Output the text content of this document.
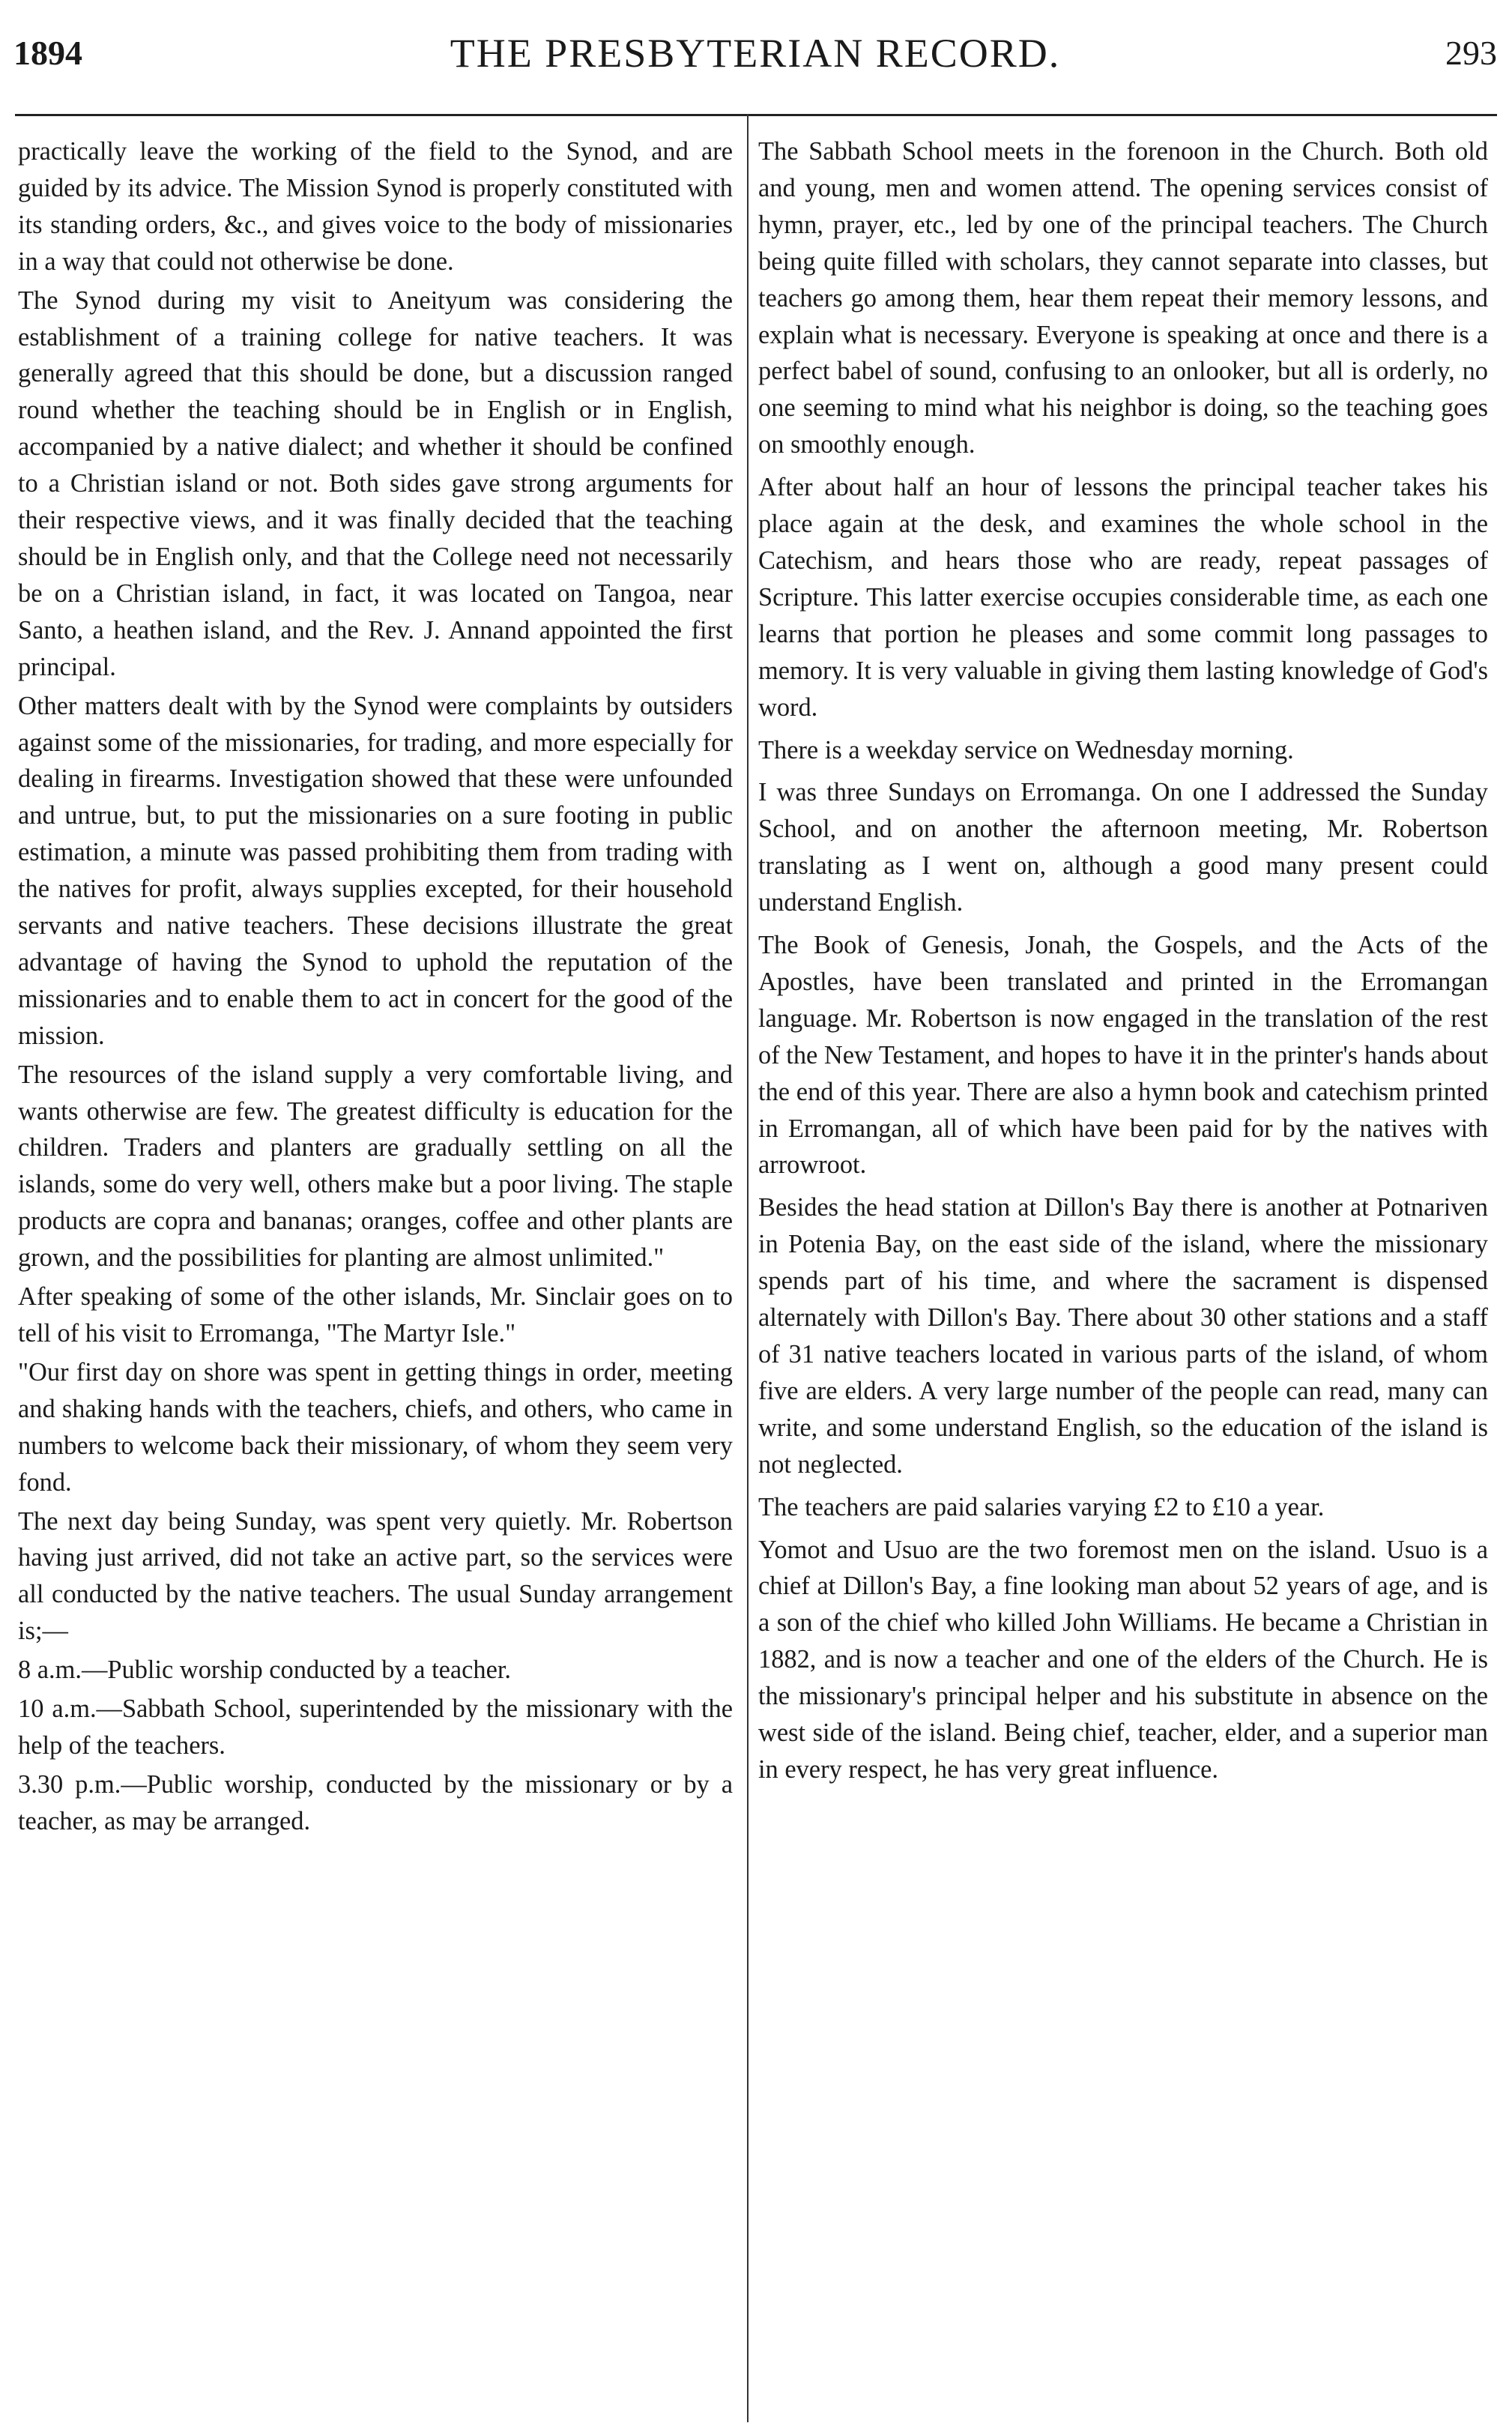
1894	THE PRESBYTERIAN RECORD.	293

practically leave the working of the field to the Synod, and are guided by its advice. The Mission Synod is properly constituted with its standing orders, &c., and gives voice to the body of missionaries in a way that could not otherwise be done.

The Synod during my visit to Aneityum was considering the establishment of a training college for native teachers. It was generally agreed that this should be done, but a discussion ranged round whether the teaching should be in English or in English, accompanied by a native dialect; and whether it should be confined to a Christian island or not. Both sides gave strong arguments for their respective views, and it was finally decided that the teaching should be in English only, and that the College need not necessarily be on a Christian island, in fact, it was located on Tangoa, near Santo, a heathen island, and the Rev. J. Annand appointed the first principal.

Other matters dealt with by the Synod were complaints by outsiders against some of the missionaries, for trading, and more especially for dealing in firearms. Investigation showed that these were unfounded and untrue, but, to put the missionaries on a sure footing in public estimation, a minute was passed prohibiting them from trading with the natives for profit, always supplies excepted, for their household servants and native teachers. These decisions illustrate the great advantage of having the Synod to uphold the reputation of the missionaries and to enable them to act in concert for the good of the mission.

The resources of the island supply a very comfortable living, and wants otherwise are few. The greatest difficulty is education for the children. Traders and planters are gradually settling on all the islands, some do very well, others make but a poor living. The staple products are copra and bananas; oranges, coffee and other plants are grown, and the possibilities for planting are almost unlimited."

After speaking of some of the other islands, Mr. Sinclair goes on to tell of his visit to Erromanga, "The Martyr Isle."

"Our first day on shore was spent in getting things in order, meeting and shaking hands with the teachers, chiefs, and others, who came in numbers to welcome back their missionary, of whom they seem very fond.

The next day being Sunday, was spent very quietly. Mr. Robertson having just arrived, did not take an active part, so the services were all conducted by the native teachers. The usual Sunday arrangement is;—

8 a.m.—Public worship conducted by a teacher.

10 a.m.—Sabbath School, superintended by the missionary with the help of the teachers.

3.30 p.m.—Public worship, conducted by the missionary or by a teacher, as may be arranged.

The Sabbath School meets in the forenoon in the Church. Both old and young, men and women attend. The opening services consist of hymn, prayer, etc., led by one of the principal teachers. The Church being quite filled with scholars, they cannot separate into classes, but teachers go among them, hear them repeat their memory lessons, and explain what is necessary. Everyone is speaking at once and there is a perfect babel of sound, confusing to an onlooker, but all is orderly, no one seeming to mind what his neighbor is doing, so the teaching goes on smoothly enough.

After about half an hour of lessons the principal teacher takes his place again at the desk, and examines the whole school in the Catechism, and hears those who are ready, repeat passages of Scripture. This latter exercise occupies considerable time, as each one learns that portion he pleases and some commit long passages to memory. It is very valuable in giving them lasting knowledge of God's word.

There is a weekday service on Wednesday morning.

I was three Sundays on Erromanga. On one I addressed the Sunday School, and on another the afternoon meeting, Mr. Robertson translating as I went on, although a good many present could understand English.

The Book of Genesis, Jonah, the Gospels, and the Acts of the Apostles, have been translated and printed in the Erromangan language. Mr. Robertson is now engaged in the translation of the rest of the New Testament, and hopes to have it in the printer's hands about the end of this year. There are also a hymn book and catechism printed in Erromangan, all of which have been paid for by the natives with arrowroot.

Besides the head station at Dillon's Bay there is another at Potnariven in Potenia Bay, on the east side of the island, where the missionary spends part of his time, and where the sacrament is dispensed alternately with Dillon's Bay. There about 30 other stations and a staff of 31 native teachers located in various parts of the island, of whom five are elders. A very large number of the people can read, many can write, and some understand English, so the education of the island is not neglected.

The teachers are paid salaries varying £2 to £10 a year.

Yomot and Usuo are the two foremost men on the island. Usuo is a chief at Dillon's Bay, a fine looking man about 52 years of age, and is a son of the chief who killed John Williams. He became a Christian in 1882, and is now a teacher and one of the elders of the Church. He is the missionary's principal helper and his substitute in absence on the west side of the island. Being chief, teacher, elder, and a superior man in every respect, he has very great influence.
